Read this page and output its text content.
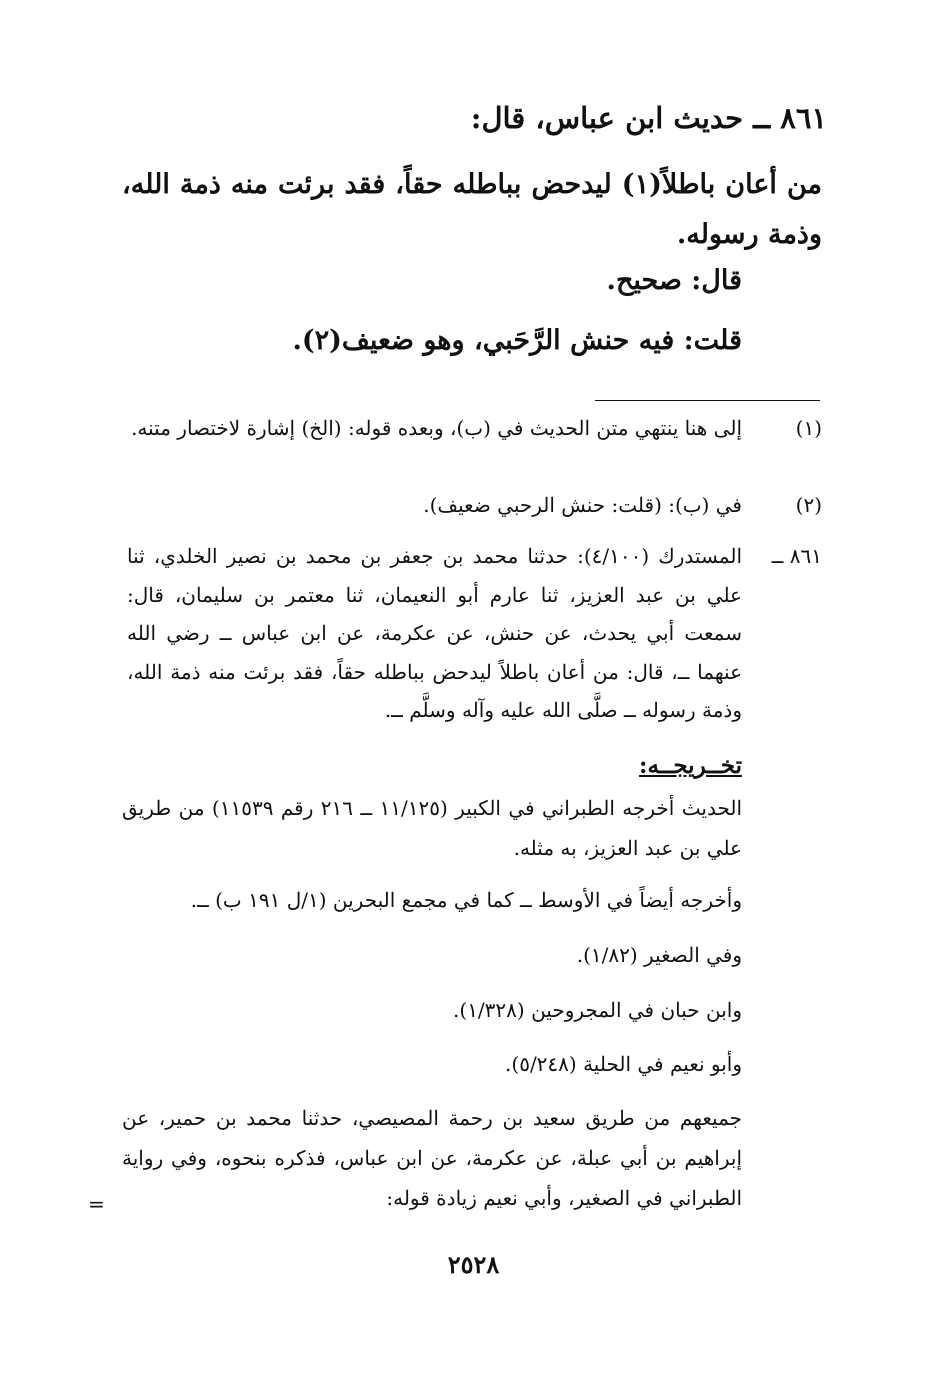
٨٦١ ــ حديث ابن عباس، قال:
من أعان باطلاً(١) ليدحض بباطله حقاً، فقد برئت منه ذمة الله، وذمة رسوله.
قال: صحيح.
قلت: فيه حنش الرَّحَبي، وهو ضعيف(٢).
(١)
إلى هنا ينتهي متن الحديث في (ب)، وبعده قوله: (الخ) إشارة لاختصار متنه.
(٢)
في (ب): (قلت: حنش الرحبي ضعيف).
٨٦١ ــ
المستدرك (٤/١٠٠): حدثنا محمد بن جعفر بن محمد بن نصير الخلدي، ثنا علي بن عبد العزيز، ثنا عارم أبو النعيمان، ثنا معتمر بن سليمان، قال: سمعت أبي يحدث، عن حنش، عن عكرمة، عن ابن عباس ــ رضي الله عنهما ــ، قال: من أعان باطلاً ليدحض بباطله حقاً، فقد برئت منه ذمة الله، وذمة رسوله ــ صلَّى الله عليه وآله وسلَّم ــ.
تخــريجــه:
الحديث أخرجه الطبراني في الكبير (١١/١٢٥ ــ ٢١٦ رقم ١١٥٣٩) من طريق علي بن عبد العزيز، به مثله.
وأخرجه أيضاً في الأوسط ــ كما في مجمع البحرين (١/ل ١٩١ ب) ــ.
وفي الصغير (١/٨٢).
وابن حبان في المجروحين (١/٣٢٨).
وأبو نعيم في الحلية (٥/٢٤٨).
جميعهم من طريق سعيد بن رحمة المصيصي، حدثنا محمد بن حمير، عن إبراهيم بن أبي عبلة، عن عكرمة، عن ابن عباس، فذكره بنحوه، وفي رواية الطبراني في الصغير، وأبي نعيم زيادة قوله:
=
٢٥٢٨
